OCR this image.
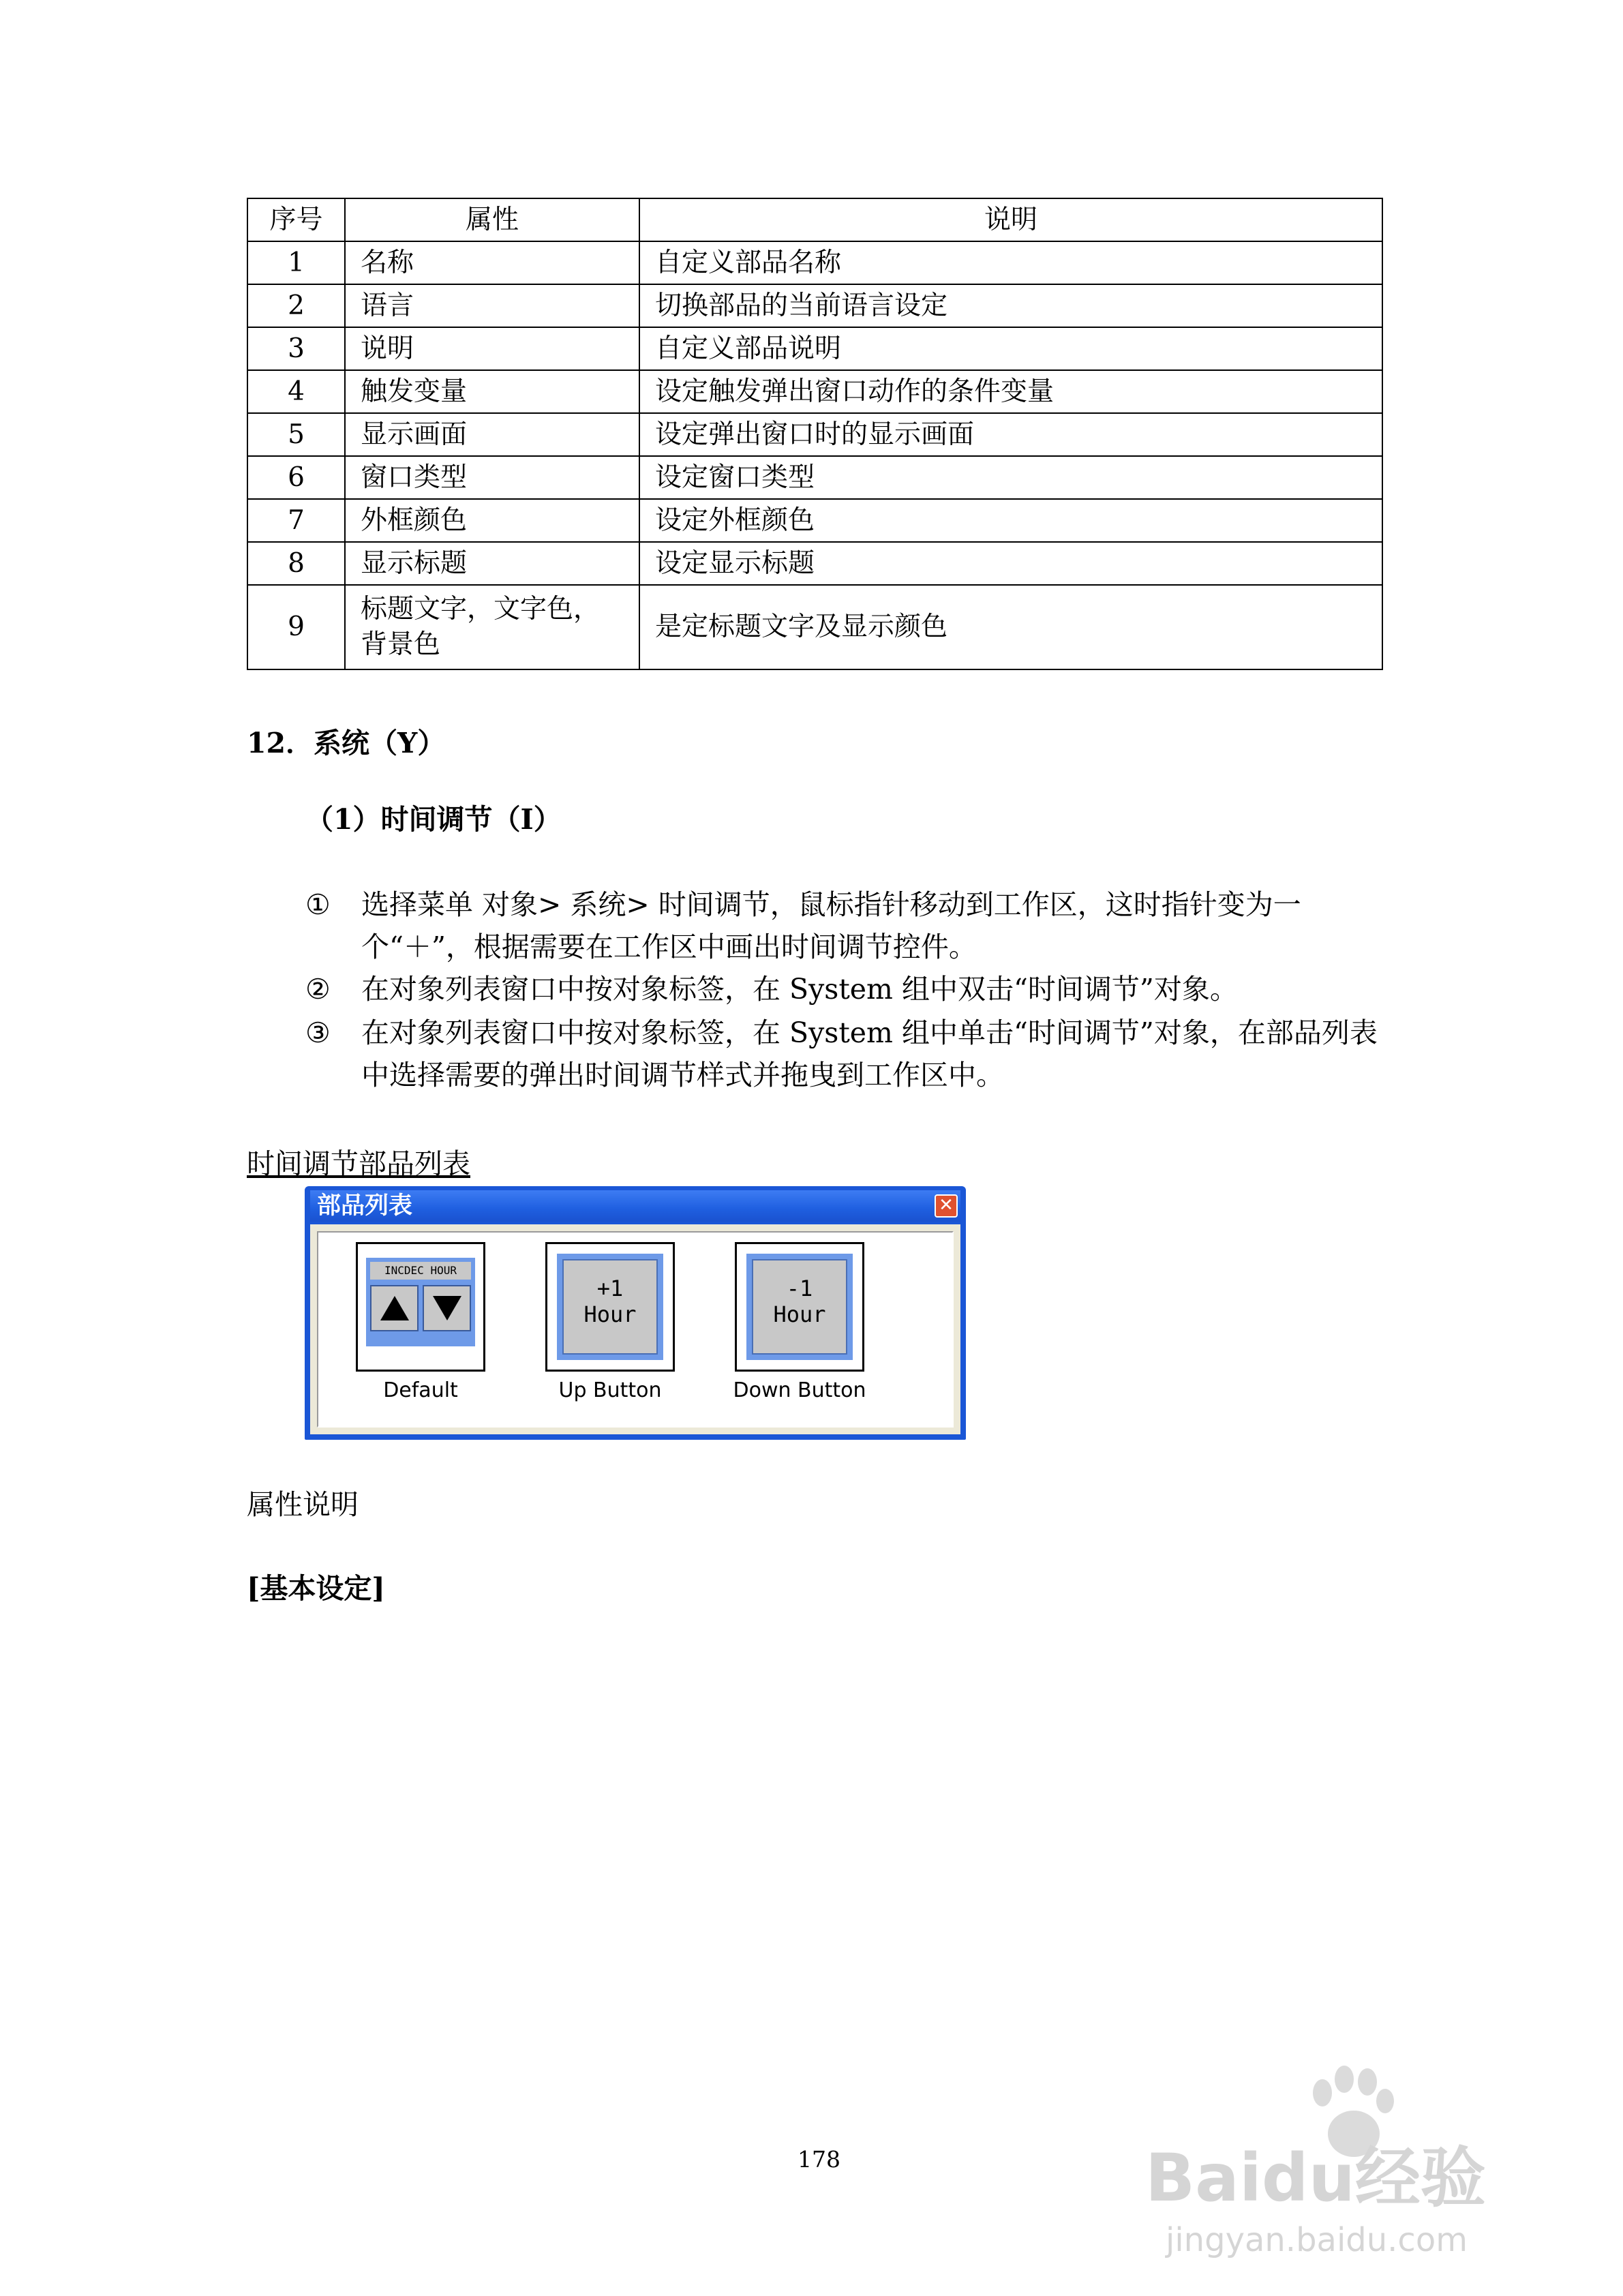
序号	属性	说明
1	名称	自定义部品名称
2	语言	切换部品的当前语言设定
3	说明	自定义部品说明
4	触发变量	设定触发弹出窗口动作的条件变量
5	显示画面	设定弹出窗口时的显示画面
6	窗口类型	设定窗口类型
7	外框颜色	设定外框颜色
8	显示标题	设定显示标题
9	标题文字，文字色，背景色	是定标题文字及显示颜色
12．系统（Y）
（1）时间调节（I）
① 选择菜单 对象> 系统> 时间调节，鼠标指针移动到工作区，这时指针变为一个“＋”，根据需要在工作区中画出时间调节控件。
② 在对象列表窗口中按对象标签，在 System 组中双击“时间调节”对象。
③ 在对象列表窗口中按对象标签，在 System 组中单击“时间调节”对象，在部品列表中选择需要的弹出时间调节样式并拖曳到工作区中。
时间调节部品列表
部品列表	✕
INCDEC HOUR
Default
+1
Hour
Up Button
-1
Hour
Down Button
属性说明
[基本设定]
178	Baidu经验
jingyan.baidu.com
